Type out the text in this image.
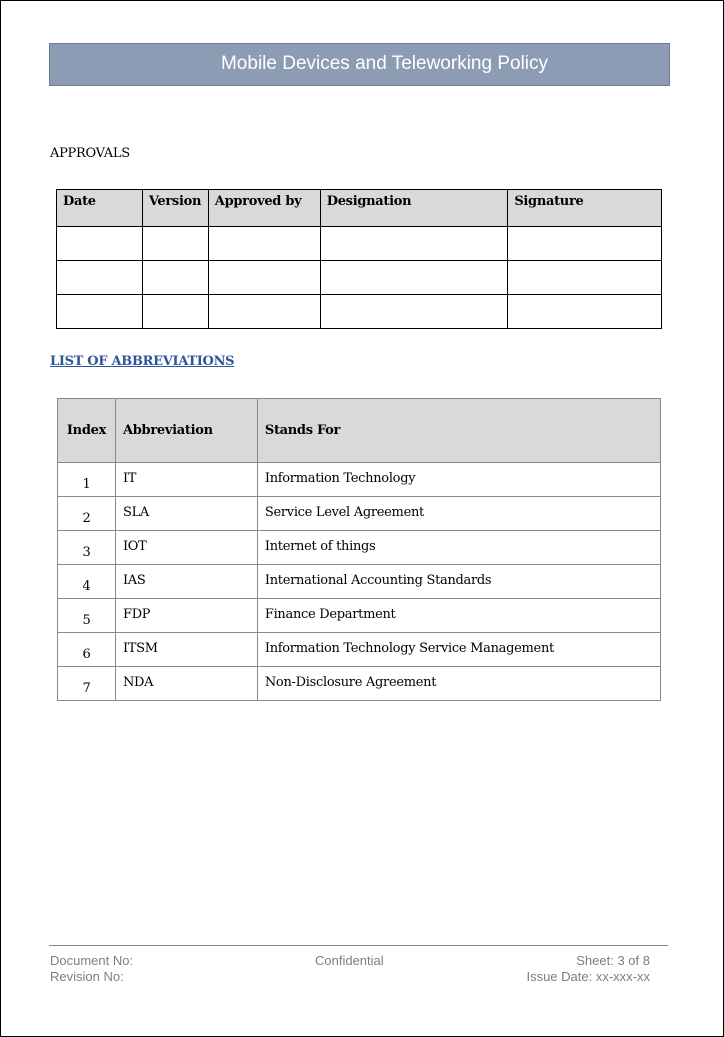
Mobile Devices and Teleworking Policy
APPROVALS
Date	Version	Approved by	Designation	Signature

LIST OF ABBREVIATIONS
Index	Abbreviation	Stands For
1	IT	Information Technology
2	SLA	Service Level Agreement
3	IOT	Internet of things
4	IAS	International Accounting Standards
5	FDP	Finance Department
6	ITSM	Information Technology Service Management
7	NDA	Non-Disclosure Agreement
Document No:
Revision No:
Confidential	Sheet: 3 of 8
Issue Date: xx-xxx-xx
